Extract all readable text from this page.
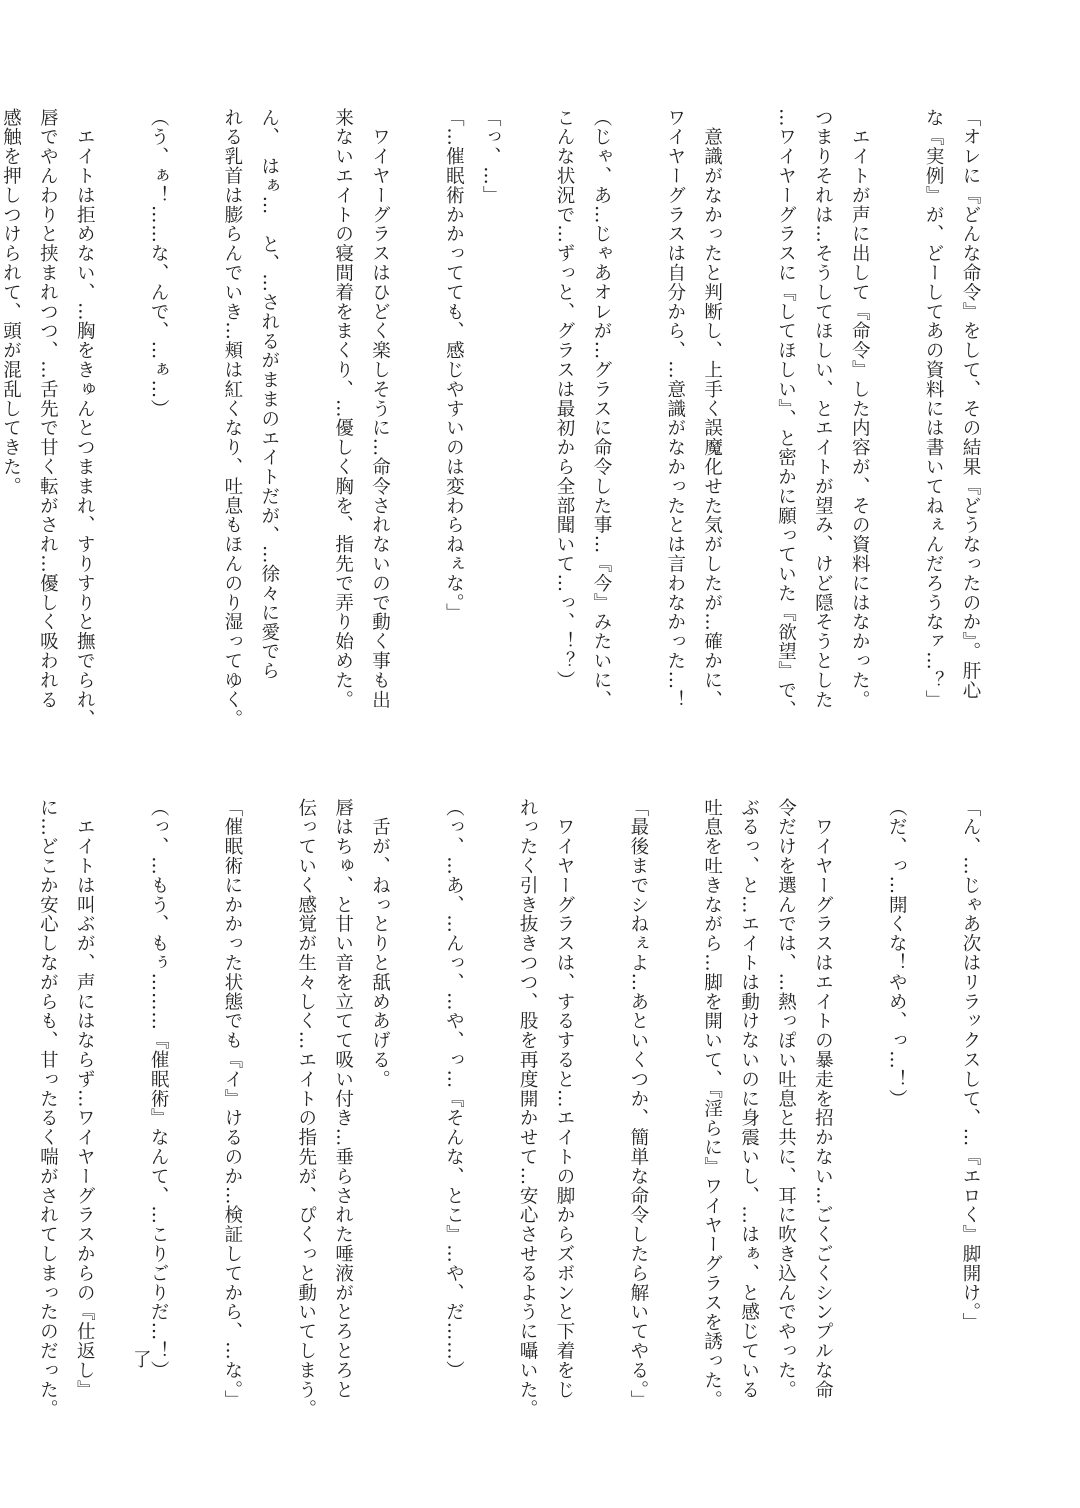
「オレに『どんな命令』をして、その結果『どうなったのか』。肝心

な『実例』が、どーしてあの資料には書いてねぇんだろうなァ…？」

　エイトが声に出して『命令』した内容が、その資料にはなかった。

つまりそれは…そうしてほしい、とエイトが望み、けど隠そうとした

…ワイヤーグラスに『してほしい』、と密かに願っていた『欲望』で、

　意識がなかったと判断し、上手く誤魔化せた気がしたが…確かに、

ワイヤーグラスは自分から、…意識がなかったとは言わなかった…！

（じゃ、あ…じゃあオレが…グラスに命令した事…『今』みたいに、

こんな状況で…ずっと、グラスは最初から全部聞いて…っ、！？）

「っ、…」

「…催眠術かかってても、感じやすいのは変わらねぇな。」

　ワイヤーグラスはひどく楽しそうに…命令されないので動く事も出

来ないエイトの寝間着をまくり、…優しく胸を、指先で弄り始めた。

ん、　はぁ…　と、…されるがままのエイトだが、…徐々に愛でら

れる乳首は膨らんでいき…頬は紅くなり、吐息もほんのり湿ってゆく。

（う、ぁ！……な、んで、…ぁ…）

　エイトは拒めない、…胸をきゅんとつままれ、すりすりと撫でられ、

唇でやんわりと挟まれつつ、…舌先で甘く転がされ…優しく吸われる

感触を押しつけられて、頭が混乱してきた。

「ん、…じゃあ次はリラックスして、…『エロく』脚開け。」

（だ、っ…開くな！やめ、っ…！）

　ワイヤーグラスはエイトの暴走を招かない…ごくごくシンプルな命

令だけを選んでは、…熱っぽい吐息と共に、耳に吹き込んでやった。

ぶるっ、と…エイトは動けないのに身震いし、…はぁ、と感じている

吐息を吐きながら…脚を開いて、『淫らに』ワイヤーグラスを誘った。

「最後までシねぇよ…あといくつか、簡単な命令したら解いてやる。」

　ワイヤーグラスは、するすると…エイトの脚からズボンと下着をじ

れったく引き抜きつつ、股を再度開かせて…安心させるように囁いた。

（っ、…あ、…んっ、…や、っ…『そんな、とこ』…や、だ……）

　舌が、ねっとりと舐めあげる。

唇はちゅ、と甘い音を立てて吸い付き…垂らされた唾液がとろとろと

伝っていく感覚が生々しく…エイトの指先が、ぴくっと動いてしまう。

「催眠術にかかった状態でも『イ』けるのか…検証してから、…な。」

（っ、…もう、もぅ………『催眠術』なんて、…こりごりだ…！）

　エイトは叫ぶが、声にはならず…ワイヤーグラスからの『仕返し』

に…どこか安心しながらも、甘ったるく喘がされてしまったのだった。	了
